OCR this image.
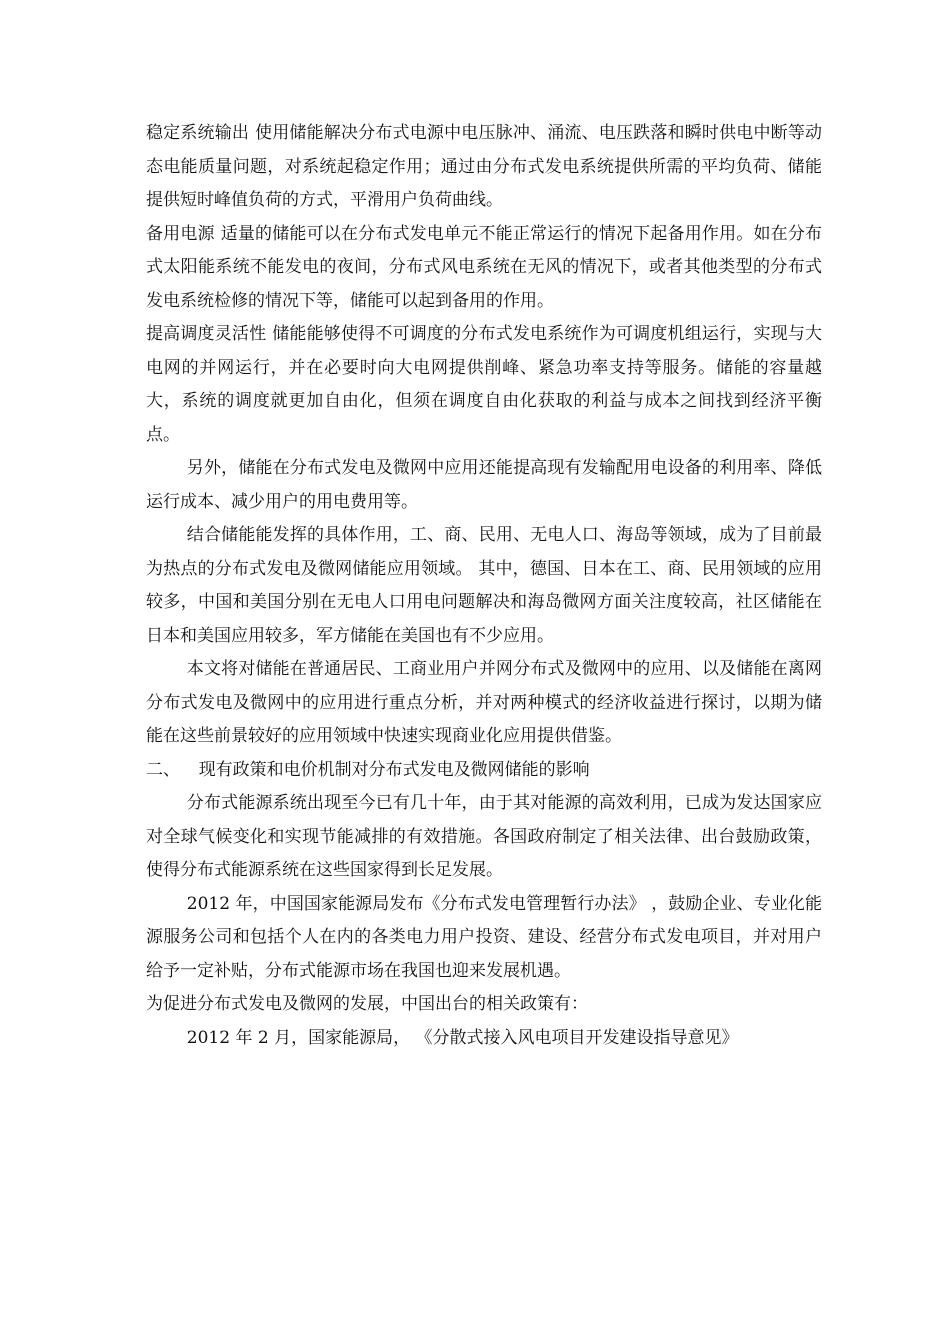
稳定系统输出 使用储能解决分布式电源中电压脉冲、涌流、电压跌落和瞬时供电中断等动态电能质量问题，对系统起稳定作用；通过由分布式发电系统提供所需的平均负荷、储能提供短时峰值负荷的方式，平滑用户负荷曲线。

备用电源 适量的储能可以在分布式发电单元不能正常运行的情况下起备用作用。如在分布式太阳能系统不能发电的夜间，分布式风电系统在无风的情况下，或者其他类型的分布式发电系统检修的情况下等，储能可以起到备用的作用。

提高调度灵活性 储能能够使得不可调度的分布式发电系统作为可调度机组运行，实现与大电网的并网运行，并在必要时向大电网提供削峰、紧急功率支持等服务。储能的容量越大，系统的调度就更加自由化，但须在调度自由化获取的利益与成本之间找到经济平衡点。

另外，储能在分布式发电及微网中应用还能提高现有发输配用电设备的利用率、降低运行成本、减少用户的用电费用等。

结合储能能发挥的具体作用，工、商、民用、无电人口、海岛等领域，成为了目前最为热点的分布式发电及微网储能应用领域。 其中，德国、日本在工、商、民用领域的应用较多，中国和美国分别在无电人口用电问题解决和海岛微网方面关注度较高，社区储能在日本和美国应用较多，军方储能在美国也有不少应用。

本文将对储能在普通居民、工商业用户并网分布式及微网中的应用、以及储能在离网分布式发电及微网中的应用进行重点分析，并对两种模式的经济收益进行探讨，以期为储能在这些前景较好的应用领域中快速实现商业化应用提供借鉴。

二、 现有政策和电价机制对分布式发电及微网储能的影响

分布式能源系统出现至今已有几十年，由于其对能源的高效利用，已成为发达国家应对全球气候变化和实现节能减排的有效措施。各国政府制定了相关法律、出台鼓励政策，使得分布式能源系统在这些国家得到长足发展。

2012 年，中国国家能源局发布《分布式发电管理暂行办法》 ，鼓励企业、专业化能源服务公司和包括个人在内的各类电力用户投资、建设、经营分布式发电项目，并对用户给予一定补贴，分布式能源市场在我国也迎来发展机遇。

为促进分布式发电及微网的发展，中国出台的相关政策有：

2012 年 2 月，国家能源局， 《分散式接入风电项目开发建设指导意见》
